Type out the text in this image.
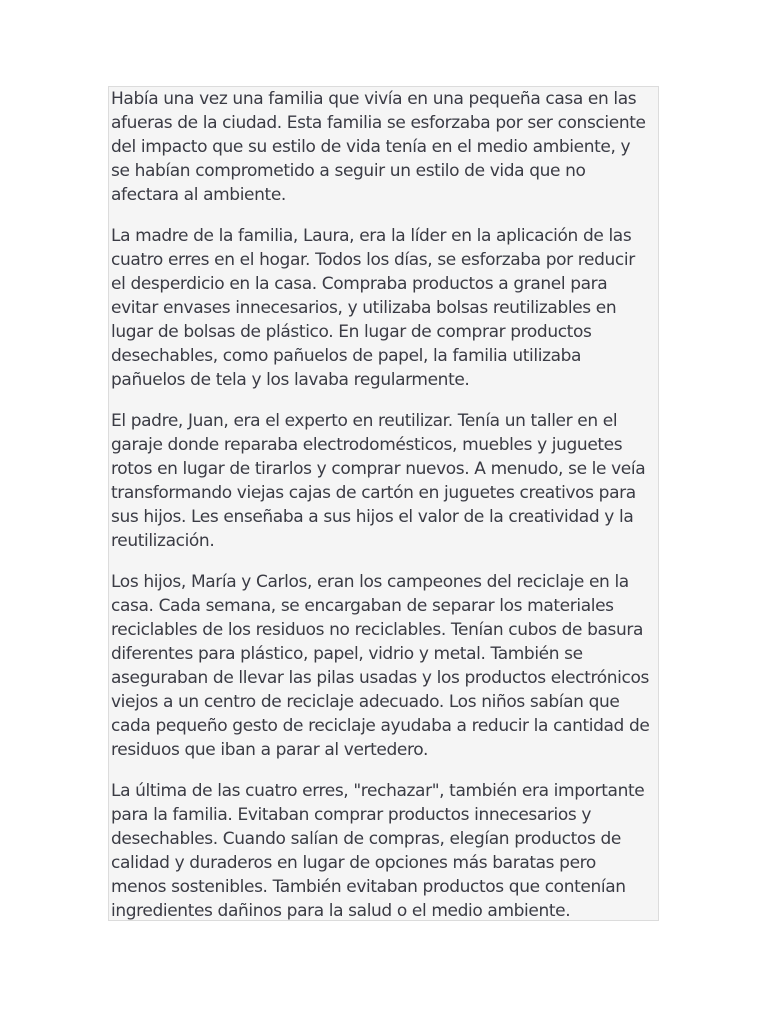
Había una vez una familia que vivía en una pequeña casa en las
afueras de la ciudad. Esta familia se esforzaba por ser consciente
del impacto que su estilo de vida tenía en el medio ambiente, y
se habían comprometido a seguir un estilo de vida que no
afectara al ambiente.
La madre de la familia, Laura, era la líder en la aplicación de las
cuatro erres en el hogar. Todos los días, se esforzaba por reducir
el desperdicio en la casa. Compraba productos a granel para
evitar envases innecesarios, y utilizaba bolsas reutilizables en
lugar de bolsas de plástico. En lugar de comprar productos
desechables, como pañuelos de papel, la familia utilizaba
pañuelos de tela y los lavaba regularmente.
El padre, Juan, era el experto en reutilizar. Tenía un taller en el
garaje donde reparaba electrodomésticos, muebles y juguetes
rotos en lugar de tirarlos y comprar nuevos. A menudo, se le veía
transformando viejas cajas de cartón en juguetes creativos para
sus hijos. Les enseñaba a sus hijos el valor de la creatividad y la
reutilización.
Los hijos, María y Carlos, eran los campeones del reciclaje en la
casa. Cada semana, se encargaban de separar los materiales
reciclables de los residuos no reciclables. Tenían cubos de basura
diferentes para plástico, papel, vidrio y metal. También se
aseguraban de llevar las pilas usadas y los productos electrónicos
viejos a un centro de reciclaje adecuado. Los niños sabían que
cada pequeño gesto de reciclaje ayudaba a reducir la cantidad de
residuos que iban a parar al vertedero.
La última de las cuatro erres, "rechazar", también era importante
para la familia. Evitaban comprar productos innecesarios y
desechables. Cuando salían de compras, elegían productos de
calidad y duraderos en lugar de opciones más baratas pero
menos sostenibles. También evitaban productos que contenían
ingredientes dañinos para la salud o el medio ambiente.
